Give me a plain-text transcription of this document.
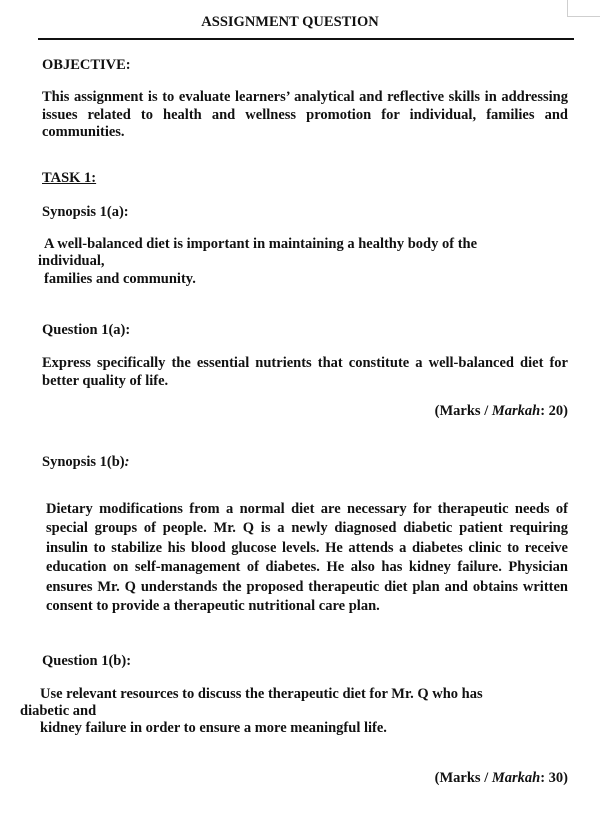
ASSIGNMENT QUESTION
OBJECTIVE:
This assignment is to evaluate learners’ analytical and reflective skills in addressing issues related to health and wellness promotion for individual, families and communities.
TASK 1:
Synopsis 1(a):
A well-balanced diet is important in maintaining a healthy body of the
individual,
families and community.
Question 1(a):
Express specifically the essential nutrients that constitute a well-balanced diet for better quality of life.
(Marks / Markah: 20)
Synopsis 1(b):
Dietary modifications from a normal diet are necessary for therapeutic needs of special groups of people. Mr. Q is a newly diagnosed diabetic patient requiring insulin to stabilize his blood glucose levels. He attends a diabetes clinic to receive education on self-management of diabetes. He also has kidney failure. Physician ensures Mr. Q understands the proposed therapeutic diet plan and obtains written consent to provide a therapeutic nutritional care plan.
Question 1(b):
Use relevant resources to discuss the therapeutic diet for Mr. Q who has
diabetic and
kidney failure in order to ensure a more meaningful life.
(Marks / Markah: 30)
